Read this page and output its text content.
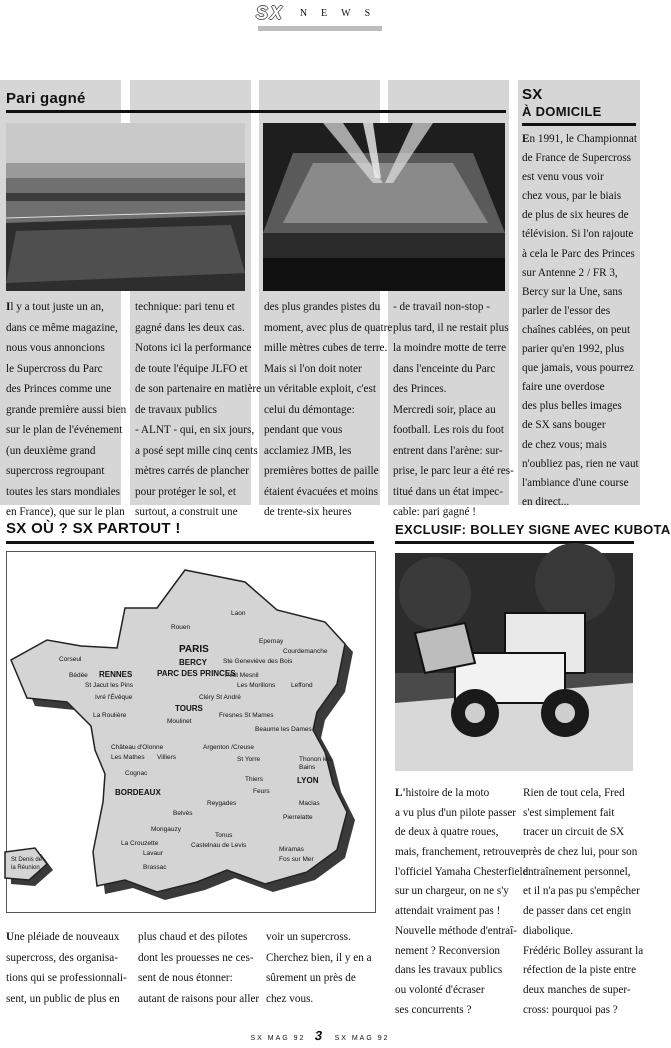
SX NEWS
Pari gagné
Il y a tout juste un an,
dans ce même magazine,
nous vous annoncions
le Supercross du Parc
des Princes comme une
grande première aussi bien
sur le plan de l'événement
(un deuxième grand
supercross regroupant
toutes les stars mondiales
en France), que sur le plan
technique: pari tenu et
gagné dans les deux cas.
Notons ici la performance
de toute l'équipe JLFO et
de son partenaire en matière
de travaux publics
- ALNT - qui, en six jours,
a posé sept mille cinq cents
mètres carrés de plancher
pour protéger le sol, et
surtout, a construit une
des plus grandes pistes du
moment, avec plus de quatre
mille mètres cubes de terre.
Mais si l'on doit noter
un véritable exploit, c'est
celui du démontage:
pendant que vous
acclamiez JMB, les
premières bottes de paille
étaient évacuées et moins
de trente-six heures
- de travail non-stop -
plus tard, il ne restait plus
la moindre motte de terre
dans l'enceinte du Parc
des Princes.
Mercredi soir, place au
football. Les rois du foot
entrent dans l'arène: sur-
prise, le parc leur a été res-
titué dans un état impec-
cable: pari gagné !
SX
À DOMICILE
En 1991, le Championnat
de France de Supercross
est venu vous voir
chez vous, par le biais
de plus de six heures de
télévision. Si l'on rajoute
à cela le Parc des Princes
sur Antenne 2 / FR 3,
Bercy sur la Une, sans
parler de l'essor des
chaînes cablées, on peut
parier qu'en 1992, plus
que jamais, vous pourrez
faire une overdose
des plus belles images
de SX sans bouger
de chez vous; mais
n'oubliez pas, rien ne vaut
l'ambiance d'une course
en direct...
SX OÙ ? SX PARTOUT !
Laon
Rouen
Epernay
Courdemanche
PARIS
BERCY
PARC DES PRINCES
Ste Geneviève des Bois
Petit Mesnil
Les Morillons Leffond
Corseul
Bédée RENNES
St Jacut les Pins
Ivré l'Évêque
La Roulière
Cléry St André
TOURS
Moulinet
Fresnes St Mames
Beaume les Dames
Château d'Olonne
Les Mathes Villiers
Argenton /Creuse
St Yorre
Cognac
Thonon les Bains
LYON
Thiers
Feurs
BORDEAUX
Belvès
Reygades	Maclas
Pierrelatte
Mongauzy
Tonus
La Crouzette	Castelnau de Levis
Lavaur
Brassac
Miramas
Fos sur Mer
St Denis de la Réunion
Une pléiade de nouveaux
supercross, des organisa-
tions qui se professionnali-
sent, un public de plus en
plus chaud et des pilotes
dont les prouesses ne ces-
sent de nous étonner:
autant de raisons pour aller
voir un supercross.
Cherchez bien, il y en a
sûrement un près de
chez vous.
EXCLUSIF: BOLLEY SIGNE AVEC KUBOTA
L'histoire de la moto
a vu plus d'un pilote passer
de deux à quatre roues,
mais, franchement, retrouver
l'officiel Yamaha Chesterfield
sur un chargeur, on ne s'y
attendait vraiment pas !
Nouvelle méthode d'entraî-
nement ? Reconversion
dans les travaux publics
ou volonté d'écraser
ses concurrents ?
Rien de tout cela, Fred
s'est simplement fait
tracer un circuit de SX
près de chez lui, pour son
entraînement personnel,
et il n'a pas pu s'empêcher
de passer dans cet engin
diabolique.
Frédéric Bolley assurant la
réfection de la piste entre
deux manches de super-
cross: pourquoi pas ?
SX MAG 92 3 SX MAG 92
